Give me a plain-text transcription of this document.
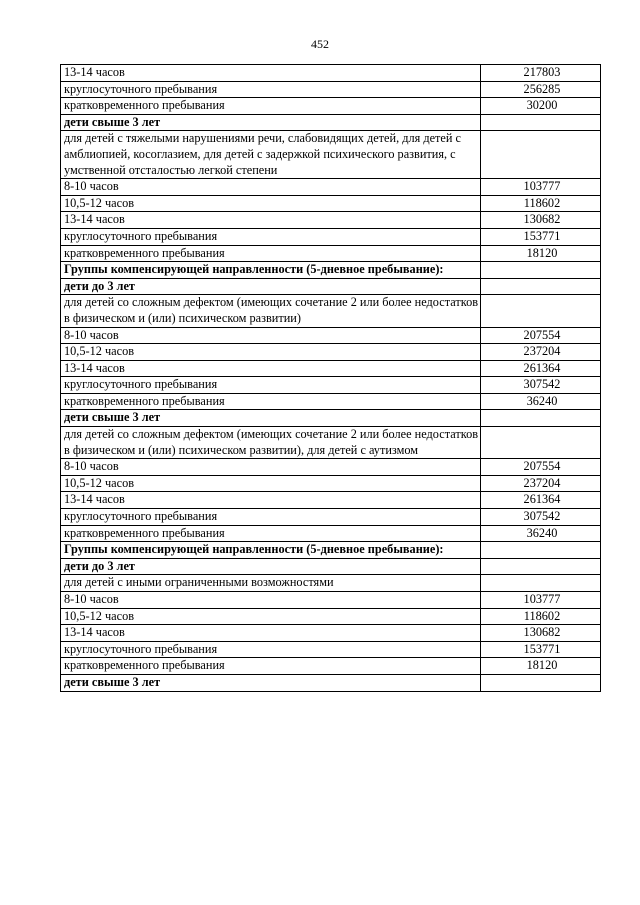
452
13-14 часов	217803
круглосуточного пребывания	256285
кратковременного пребывания	30200
дети свыше 3 лет	
для детей с тяжелыми нарушениями речи, слабовидящих детей, для детей с амблиопией, косоглазием, для детей с задержкой психического развития, с умственной отсталостью легкой степени	
8-10 часов	103777
10,5-12 часов	118602
13-14 часов	130682
круглосуточного пребывания	153771
кратковременного пребывания	18120
Группы компенсирующей направленности (5-дневное пребывание):	
дети до 3 лет	
для детей со сложным дефектом (имеющих сочетание 2 или более недостатков в физическом и (или) психическом развитии)	
8-10 часов	207554
10,5-12 часов	237204
13-14 часов	261364
круглосуточного пребывания	307542
кратковременного пребывания	36240
дети свыше 3 лет	
для детей со сложным дефектом (имеющих сочетание 2 или более недостатков в физическом и (или) психическом развитии), для детей с аутизмом	
8-10 часов	207554
10,5-12 часов	237204
13-14 часов	261364
круглосуточного пребывания	307542
кратковременного пребывания	36240
Группы компенсирующей направленности (5-дневное пребывание):	
дети до 3 лет	
для детей с иными ограниченными возможностями	
8-10 часов	103777
10,5-12 часов	118602
13-14 часов	130682
круглосуточного пребывания	153771
кратковременного пребывания	18120
дети свыше 3 лет	
